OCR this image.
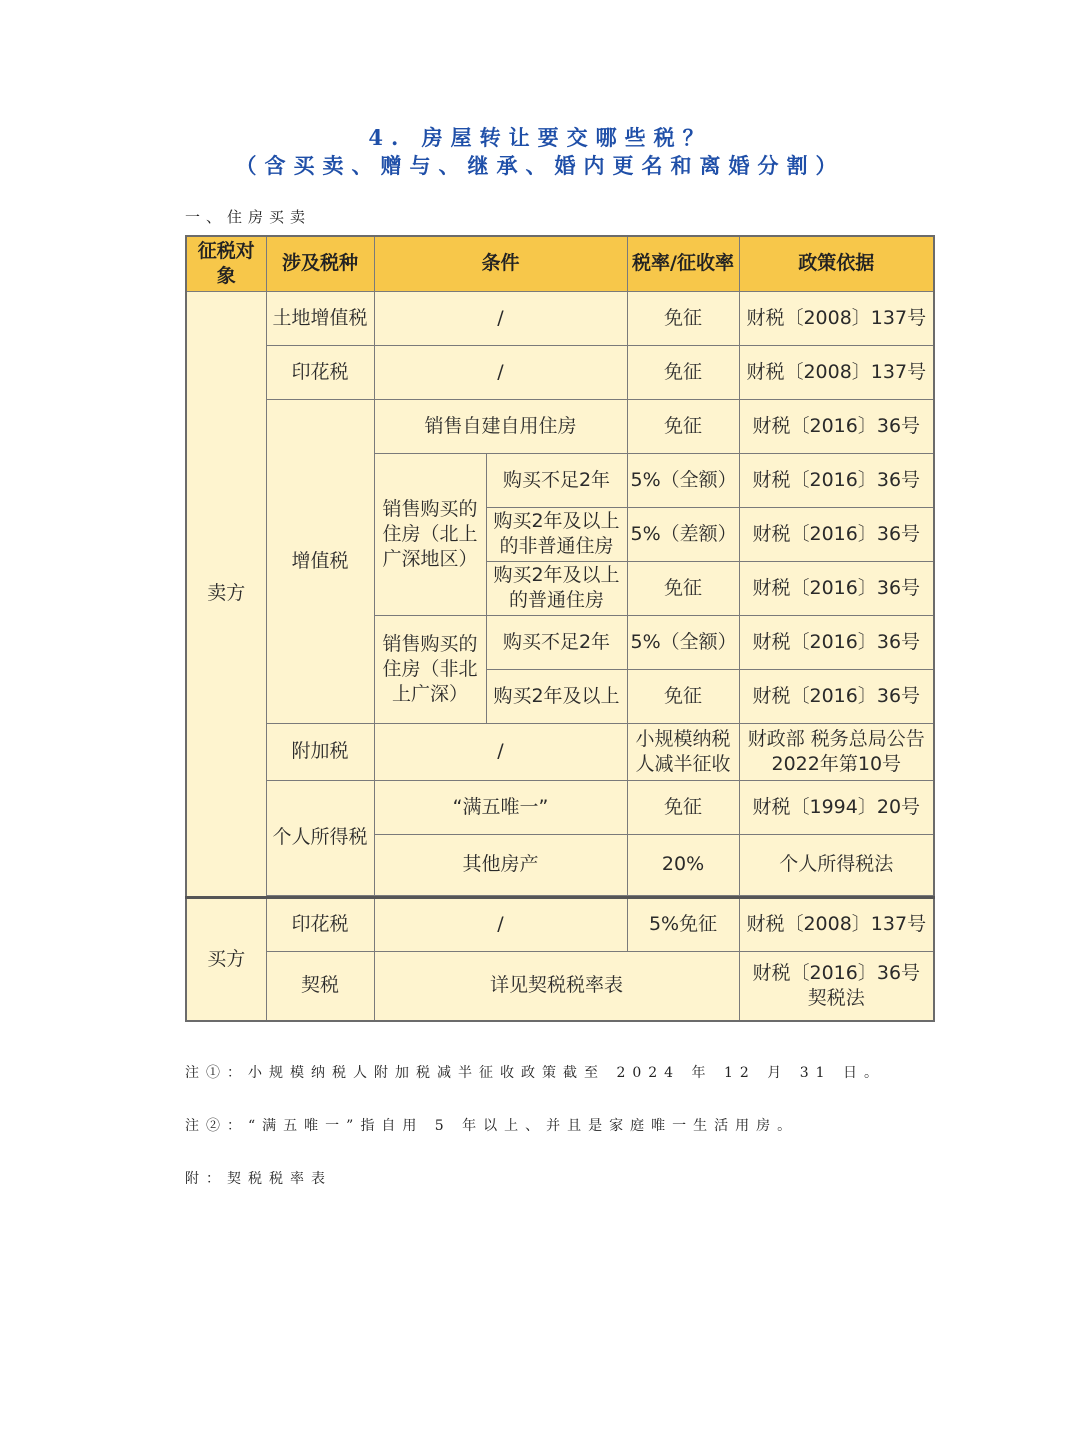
4. 房屋转让要交哪些税？
（含买卖、赠与、继承、婚内更名和离婚分割）
一、住房买卖
征税对象	涉及税种	条件		税率/征收率	政策依据
卖方	土地增值税	/		免征	财税〔2008〕137号
	印花税	/		免征	财税〔2008〕137号
	增值税	销售自建自用住房		免征	财税〔2016〕36号
		销售购买的住房（北上广深地区）	购买不足2年	5%（全额）	财税〔2016〕36号
			购买2年及以上的非普通住房	5%（差额）	财税〔2016〕36号
			购买2年及以上的普通住房	免征	财税〔2016〕36号
		销售购买的住房（非北上广深）	购买不足2年	5%（全额）	财税〔2016〕36号
			购买2年及以上	免征	财税〔2016〕36号
	附加税	/		小规模纳税人减半征收	财政部 税务总局公告2022年第10号
	个人所得税	“满五唯一”		免征	财税〔1994〕20号
		其他房产		20%	个人所得税法

买方	印花税	/		5%免征	财税〔2008〕137号
	契税	详见契税税率表			财税〔2016〕36号 契税法
注①：小规模纳税人附加税减半征收政策截至 2024 年 12 月 31 日。
注②：“满五唯一”指自用 5 年以上、并且是家庭唯一生活用房。
附：契税税率表
